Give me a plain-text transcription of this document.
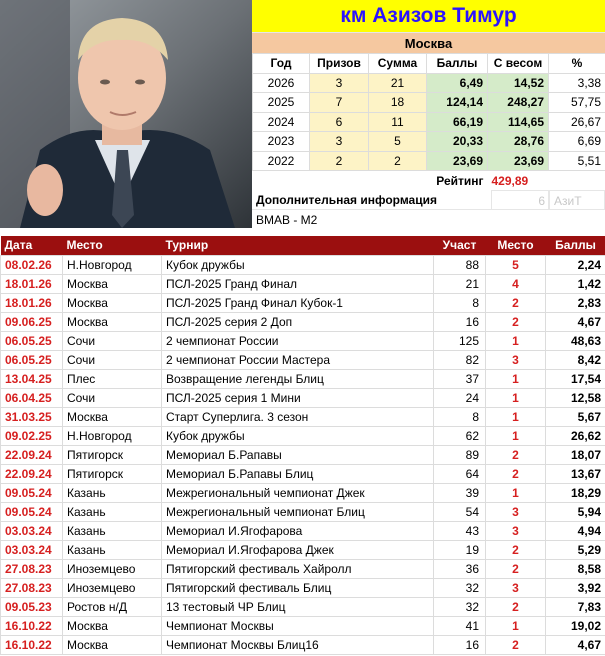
км Азизов Тимур
Москва
Год	Призов	Сумма	Баллы	С весом	%
2026	3	21	6,49	14,52	3,38
2025	7	18	124,14	248,27	57,75
2024	6	11	66,19	114,65	26,67
2023	3	5	20,33	28,76	6,69
2022	2	2	23,69	23,69	5,51
		Рейтинг		429,89	
Дополнительная информация	6 АзиТ
ВМАВ - М2
Дата	Место	Турнир	Участ	Место	Баллы
08.02.26	Н.Новгород	Кубок дружбы	88	5	2,24
18.01.26	Москва	ПСЛ-2025 Гранд Финал	21	4	1,42
18.01.26	Москва	ПСЛ-2025 Гранд Финал Кубок-1	8	2	2,83
09.06.25	Москва	ПСЛ-2025 серия 2 Доп	16	2	4,67
06.05.25	Сочи	2 чемпионат России	125	1	48,63
06.05.25	Сочи	2 чемпионат России Мастера	82	3	8,42
13.04.25	Плес	Возвращение легенды Блиц	37	1	17,54
06.04.25	Сочи	ПСЛ-2025 серия 1 Мини	24	1	12,58
31.03.25	Москва	Старт Суперлига. 3 сезон	8	1	5,67
09.02.25	Н.Новгород	Кубок дружбы	62	1	26,62
22.09.24	Пятигорск	Мемориал Б.Рапавы	89	2	18,07
22.09.24	Пятигорск	Мемориал Б.Рапавы Блиц	64	2	13,67
09.05.24	Казань	Межрегиональный чемпионат Джек	39	1	18,29
09.05.24	Казань	Межрегиональный чемпионат Блиц	54	3	5,94
03.03.24	Казань	Мемориал И.Ягофарова	43	3	4,94
03.03.24	Казань	Мемориал И.Ягофарова Джек	19	2	5,29
27.08.23	Иноземцево	Пятигорский фестиваль Хайролл	36	2	8,58
27.08.23	Иноземцево	Пятигорский фестиваль Блиц	32	3	3,92
09.05.23	Ростов н/Д	13 тестовый ЧР Блиц	32	2	7,83
16.10.22	Москва	Чемпионат Москвы	41	1	19,02
16.10.22	Москва	Чемпионат Москвы Блиц16	16	2	4,67
